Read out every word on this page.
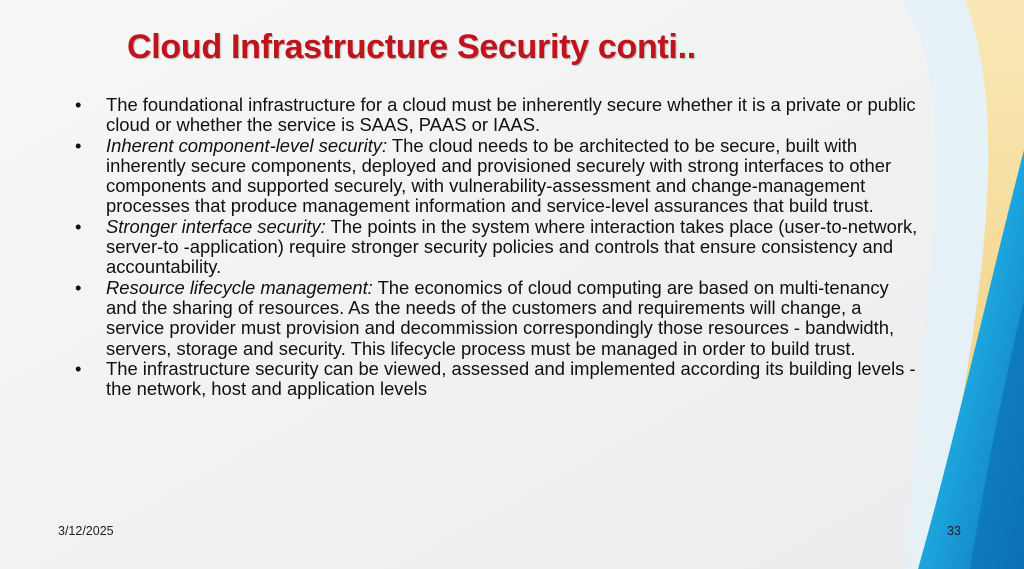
Cloud Infrastructure Security conti..
• The foundational infrastructure for a cloud must be inherently secure whether it is a private or public cloud or whether the service is SAAS, PAAS or IAAS.
• Inherent component-level security: The cloud needs to be architected to be secure, built with inherently secure components, deployed and provisioned securely with strong interfaces to other components and supported securely, with vulnerability-assessment and change-management processes that produce management information and service-level assurances that build trust.
• Stronger interface security: The points in the system where interaction takes place (user-to-network, server-to -application) require stronger security policies and controls that ensure consistency and accountability.
• Resource lifecycle management: The economics of cloud computing are based on multi-tenancy and the sharing of resources. As the needs of the customers and requirements will change, a service provider must provision and decommission correspondingly those resources - bandwidth, servers, storage and security. This lifecycle process must be managed in order to build trust.
• The infrastructure security can be viewed, assessed and implemented according its building levels - the network, host and application levels
3/12/2025	33
